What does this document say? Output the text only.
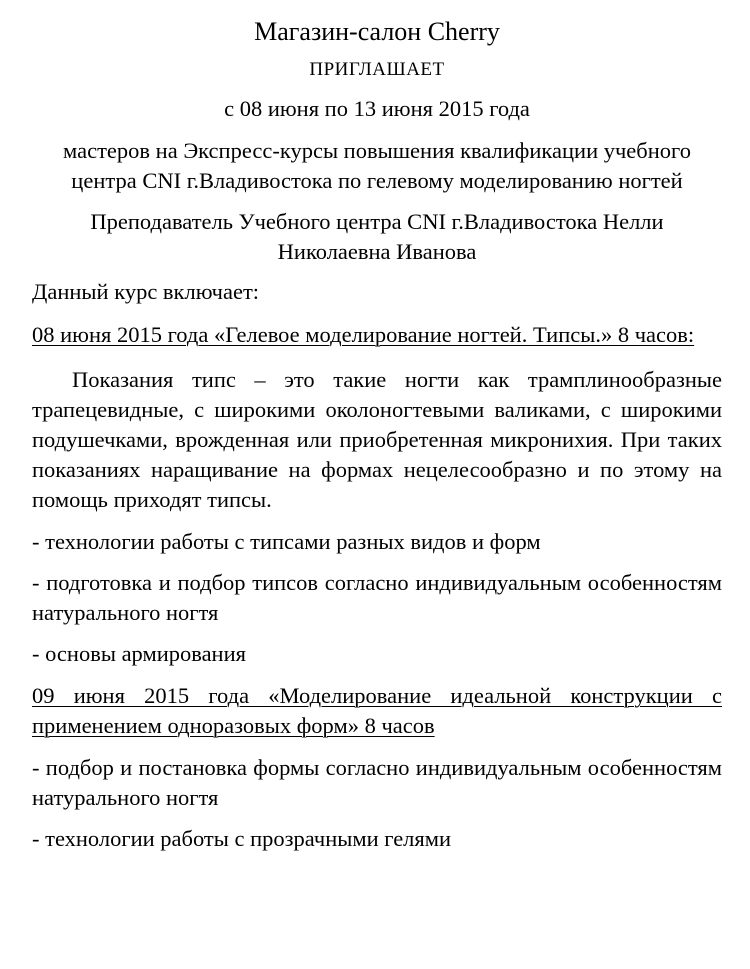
Магазин-салон Cherry
ПРИГЛАШАЕТ
с 08 июня по 13 июня 2015 года
мастеров на Экспресс-курсы повышения квалификации учебного центра CNI г.Владивостока по гелевому моделированию ногтей
Преподаватель Учебного центра CNI г.Владивостока Нелли Николаевна Иванова
Данный курс включает:
08 июня 2015 года «Гелевое моделирование ногтей. Типсы.» 8 часов:
Показания типс – это такие ногти как трамплинообразные трапецевидные, с широкими околоногтевыми валиками, с широкими подушечками, врожденная или приобретенная микронихия. При таких показаниях наращивание на формах нецелесообразно и по этому на помощь приходят типсы.
- технологии работы с типсами разных видов и форм
- подготовка и подбор типсов согласно индивидуальным особенностям натурального ногтя
- основы армирования
09 июня 2015 года «Моделирование идеальной конструкции с применением одноразовых форм» 8 часов
- подбор и постановка формы согласно индивидуальным особенностям натурального ногтя
- технологии работы с прозрачными гелями
